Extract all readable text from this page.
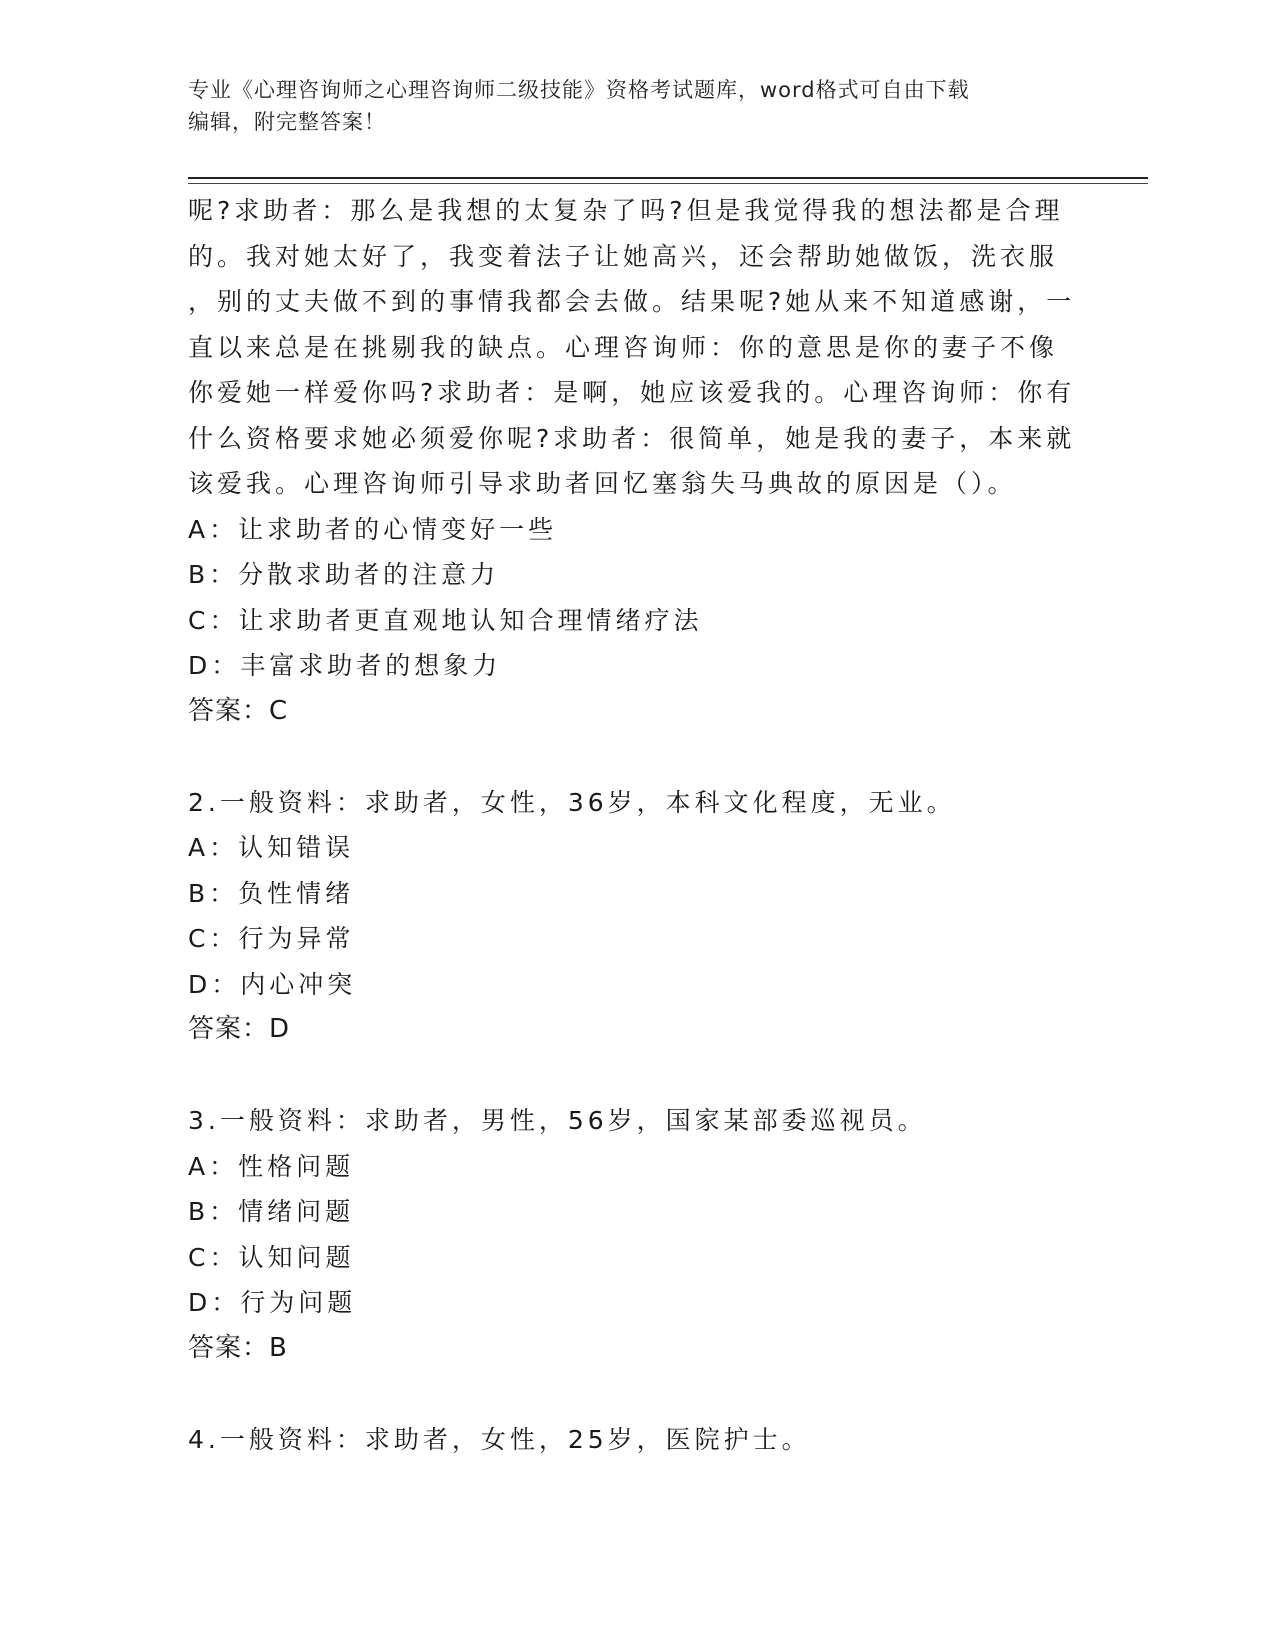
专业《心理咨询师之心理咨询师二级技能》资格考试题库，word格式可自由下载
编辑，附完整答案！
呢?求助者：那么是我想的太复杂了吗?但是我觉得我的想法都是合理
的。我对她太好了，我变着法子让她高兴，还会帮助她做饭，洗衣服
，别的丈夫做不到的事情我都会去做。结果呢?她从来不知道感谢，一
直以来总是在挑剔我的缺点。心理咨询师：你的意思是你的妻子不像
你爱她一样爱你吗?求助者：是啊，她应该爱我的。心理咨询师：你有
什么资格要求她必须爱你呢?求助者：很简单，她是我的妻子，本来就
该爱我。心理咨询师引导求助者回忆塞翁失马典故的原因是（）。
A：让求助者的心情变好一些
B：分散求助者的注意力
C：让求助者更直观地认知合理情绪疗法
D：丰富求助者的想象力
答案：C
2.一般资料：求助者，女性，36岁，本科文化程度，无业。
A：认知错误
B：负性情绪
C：行为异常
D：内心冲突
答案：D
3.一般资料：求助者，男性，56岁，国家某部委巡视员。
A：性格问题
B：情绪问题
C：认知问题
D：行为问题
答案：B
4.一般资料：求助者，女性，25岁，医院护士。
